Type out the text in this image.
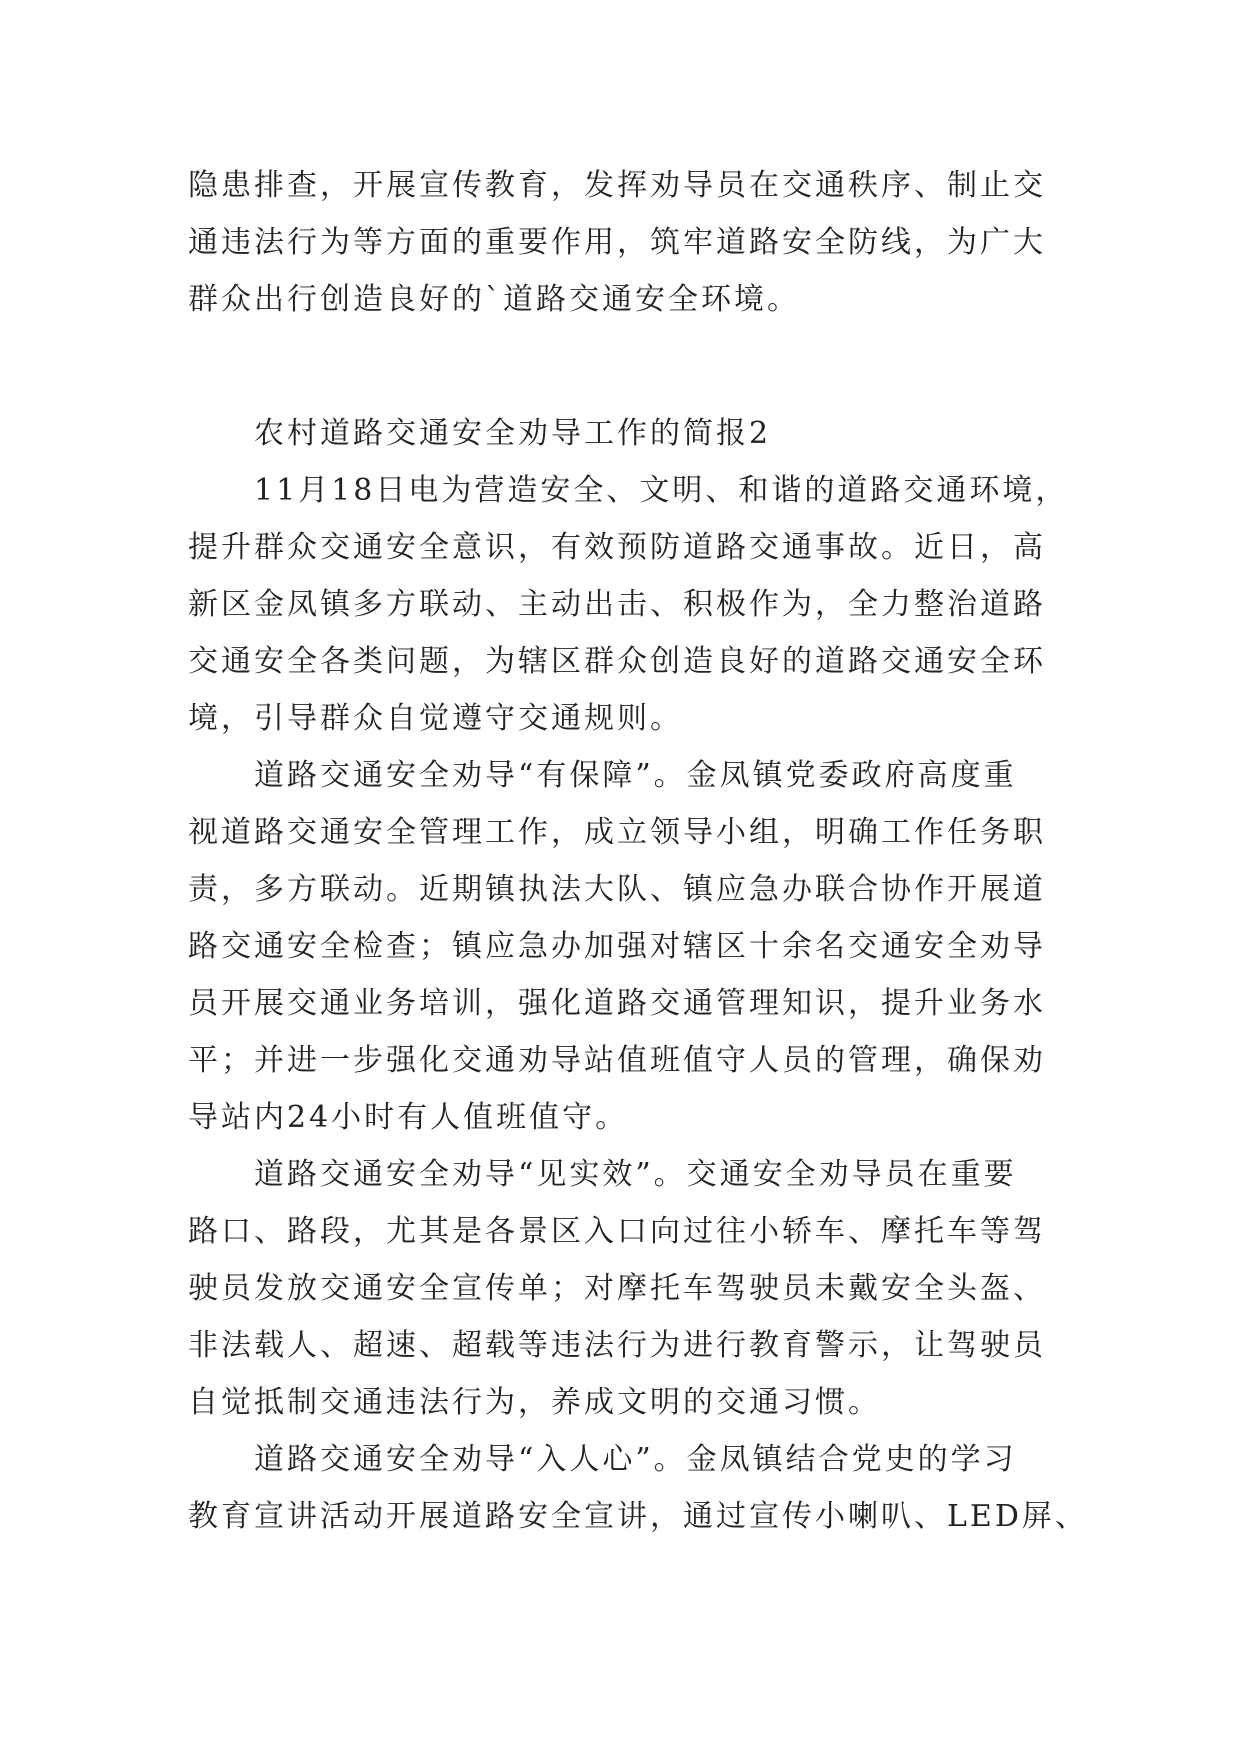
隐患排查，开展宣传教育，发挥劝导员在交通秩序、制止交
通违法行为等方面的重要作用，筑牢道路安全防线，为广大
群众出行创造良好的`道路交通安全环境。
农村道路交通安全劝导工作的简报2
11月18日电为营造安全、文明、和谐的道路交通环境，
提升群众交通安全意识，有效预防道路交通事故。近日，高
新区金凤镇多方联动、主动出击、积极作为，全力整治道路
交通安全各类问题，为辖区群众创造良好的道路交通安全环
境，引导群众自觉遵守交通规则。
道路交通安全劝导“有保障”。金凤镇党委政府高度重
视道路交通安全管理工作，成立领导小组，明确工作任务职
责，多方联动。近期镇执法大队、镇应急办联合协作开展道
路交通安全检查；镇应急办加强对辖区十余名交通安全劝导
员开展交通业务培训，强化道路交通管理知识，提升业务水
平；并进一步强化交通劝导站值班值守人员的管理，确保劝
导站内24小时有人值班值守。
道路交通安全劝导“见实效”。交通安全劝导员在重要
路口、路段，尤其是各景区入口向过往小轿车、摩托车等驾
驶员发放交通安全宣传单；对摩托车驾驶员未戴安全头盔、
非法载人、超速、超载等违法行为进行教育警示，让驾驶员
自觉抵制交通违法行为，养成文明的交通习惯。
道路交通安全劝导“入人心”。金凤镇结合党史的学习
教育宣讲活动开展道路安全宣讲，通过宣传小喇叭、LED屏、
